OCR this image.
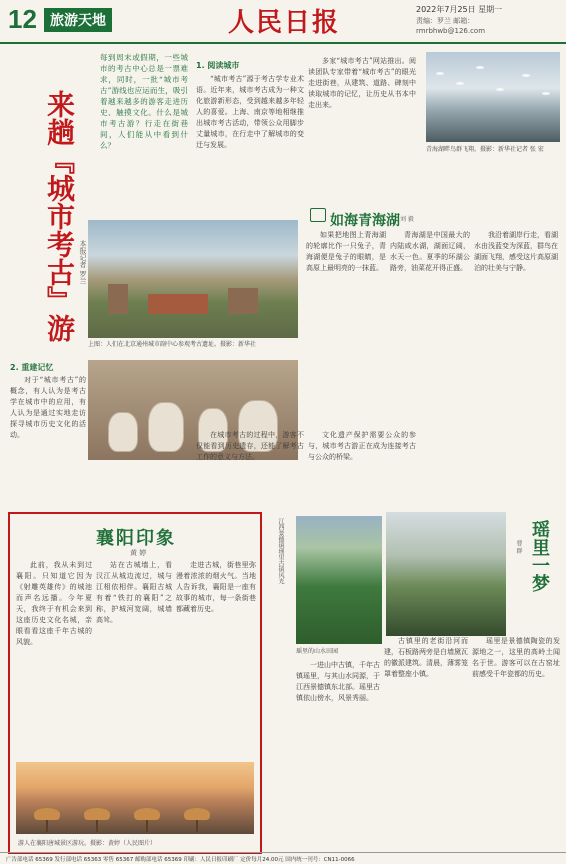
12 旅游天地	人民日报	2022年7月25日 星期一
责编：罗兰 邮箱：
rmrbhwb@126.com
来趟『城市考古』游 本报记者 罗兰
每到周末或假期，一些城市的考古中心总是一票难求，同时，一批“城市考古”游线也应运而生，吸引着越来越多的游客走进历史、触摸文化。什么是城市考古游？行走在街巷间，人们能从中看到什么？
1. 阅读城市

“城市考古”源于考古学专业术语。近年来，城市考古成为一种文化旅游新形态，受到越来越多年轻人的喜爱。上海、南京等地相继推出城市考古活动，带领公众用脚步丈量城市，在行走中了解城市的变迁与发展。

多家“城市考古”网站推出。阅读团队专家带着“城市考古”的眼光走进街巷，从建筑、道路、碑刻中读取城市的记忆，让历史从书本中走出来。

上图：人们在北京通州城市副中心参观考古遗址。摄影：新华社
2. 重建记忆

对于“城市考古”的概念，有人认为是考古学在城市中的应用，有人认为是通过实地走访探寻城市历史文化的活动。	在城市考古的过程中，游客不仅能看到历史遗存，还能了解考古工作的意义与方法。

文化遗产保护需要公众的参与，城市考古游正在成为连接考古与公众的桥梁。

襄阳印象
黄 婷

此前，我从未到过襄阳。只知道它因为《射雕英雄传》的城池而声名远播。今年夏天，我终于有机会来到这座历史文化名城，亲眼看看这座千年古城的风貌。

站在古城墙上，看汉江从城边流过，城与江相依相伴。襄阳古城有着“铁打的襄阳”之称，护城河宽阔，城墙高耸。

走进古城，街巷里弥漫着浓浓的烟火气。当地人告诉我，襄阳是一座有故事的城市，每一条街巷都藏着历史。

游人在襄阳唐城景区游玩。摄影：黄婷（人民图片）
青海湖畔鸟群飞翔。摄影：新华社记者 张 宏
如海青海湖 刘 毅

如果把地图上青海湖的轮廓比作一只兔子，青海湖便是兔子的眼睛，是高原上最明亮的一抹蓝。

青海湖是中国最大的内陆咸水湖，湖面辽阔，水天一色。夏季的环湖公路旁，油菜花开得正盛。

我沿着湖岸行走，看湖水由浅蓝变为深蓝，群鸟在湖面飞翔，感受这片高原湖泊的壮美与宁静。

江西景德镇瑶里古镇风光
瑶里的山水田园
瑶里一梦
曹 群

一进山中古镇，千年古镇瑶里，与其山水同源，于江西景德镇东北部。瑶里古镇依山傍水，风景秀丽。

古镇里的老街沿河而建，石板路两旁是白墙黛瓦的徽派建筑。清晨，薄雾笼罩着整座小镇。

瑶里是景德镇陶瓷的发源地之一，这里的高岭土闻名于世。游客可以在古窑址前感受千年瓷都的历史。

广告部电话 65369 发行部电话 65363 零售 65367 邮购部电话 65369 印刷：人民日报印刷厂 定价每月24.00元 国内统一刊号：CN11-0066
